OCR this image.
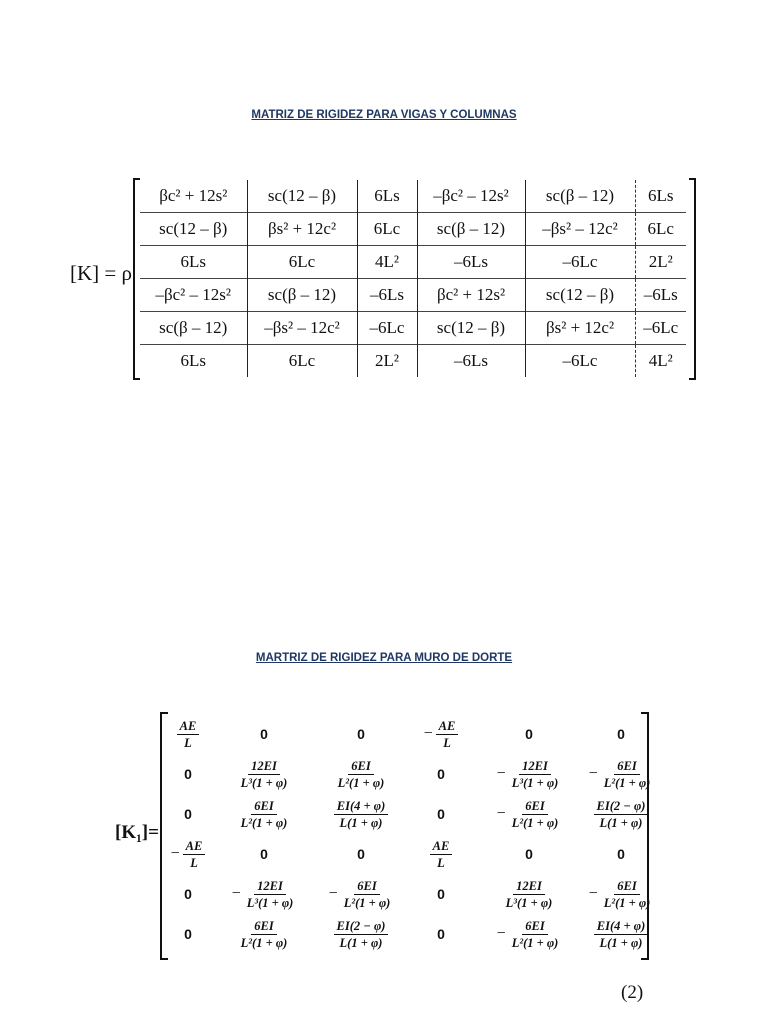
MATRIZ DE RIGIDEZ PARA VIGAS Y COLUMNAS
[K] = ρ
βc² + 12s²	sc(12 – β)	6Ls	–βc² – 12s²	sc(β – 12)	6Ls
sc(12 – β)	βs² + 12c²	6Lc	sc(β – 12)	–βs² – 12c²	6Lc
6Ls	6Lc	4L²	–6Ls	–6Lc	2L²
–βc² – 12s²	sc(β – 12)	–6Ls	βc² + 12s²	sc(12 – β)	–6Ls
sc(β – 12)	–βs² – 12c²	–6Lc	sc(12 – β)	βs² + 12c²	–6Lc
6Ls	6Lc	2L²	–6Ls	–6Lc	4L²
MARTRIZ DE RIGIDEZ PARA MURO DE DORTE
[K₁]=
$\frac{AE}{L}$	0	0	− $\frac{AE}{L}$	0	0
0	$\frac{12EI}{\text{L³(1 + φ)}}$	$\frac{6EI}{\text{L²(1 + φ)}}$	0	− $\frac{12EI}{\text{L³(1 + φ)}}$	− $\frac{6EI}{\text{L²(1 + φ)}}$

0	$\frac{6EI}{\text{L²(1 + φ)}}$	$\frac{EI(4 + \varphi)}{L(1 + \varphi)}$	0	− $\frac{6EI}{\text{L²(1 + φ)}}$	$\frac{EI(2 - \varphi)}{L(1 + \varphi)}$

− $\frac{AE}{L}$	0	0	$\frac{AE}{L}$	0	0
0	− $\frac{12EI}{\text{L³(1 + φ)}}$	− $\frac{6EI}{\text{L²(1 + φ)}}$	0	$\frac{12EI}{\text{L³(1 + φ)}}$	− $\frac{6EI}{\text{L²(1 + φ)}}$

0	$\frac{6EI}{\text{L²(1 + φ)}}$	$\frac{EI(2 - \varphi)}{L(1 + \varphi)}$	0	− $\frac{6EI}{\text{L²(1 + φ)}}$	$\frac{EI(4 + \varphi)}{L(1 + \varphi)}$
(2)
